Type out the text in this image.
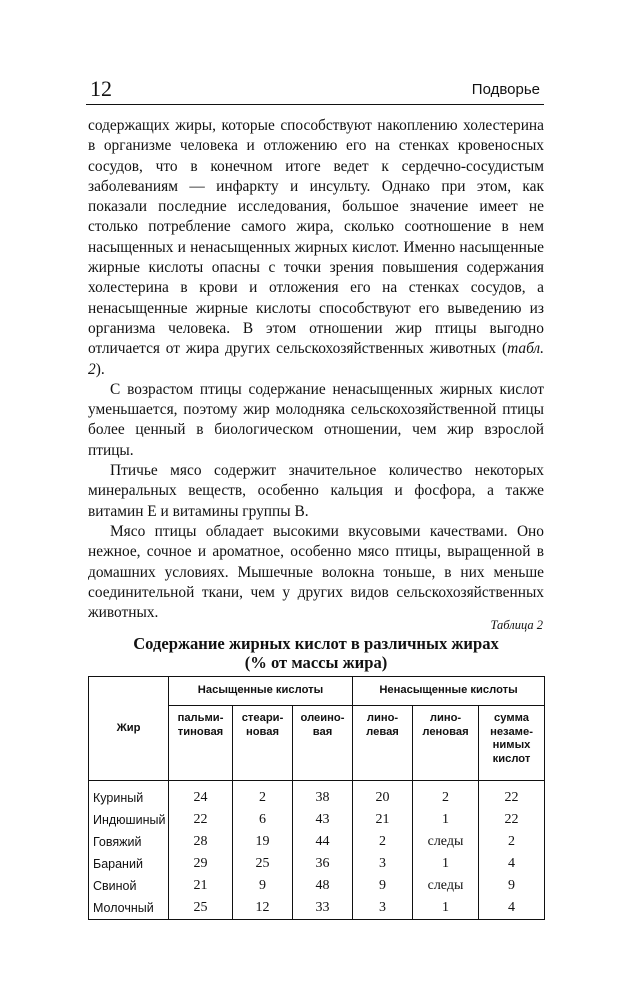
12	Подворье

содержащих жиры, которые способствуют накоплению холестерина в организме человека и отложению его на стенках кровеносных сосудов, что в конечном итоге ведет к сердечно-сосудистым заболеваниям — инфаркту и инсульту. Однако при этом, как показали последние исследования, большое значение имеет не столько потребление самого жира, сколько соотношение в нем насыщенных и ненасыщенных жирных кислот. Именно насыщенные жирные кислоты опасны с точки зрения повышения содержания холестерина в крови и отложения его на стенках сосудов, а ненасыщенные жирные кислоты способствуют его выведению из организма человека. В этом отношении жир птицы выгодно отличается от жира других сельскохозяйственных животных (табл. 2).

С возрастом птицы содержание ненасыщенных жирных кислот уменьшается, поэтому жир молодняка сельскохозяйственной птицы более ценный в биологическом отношении, чем жир взрослой птицы.

Птичье мясо содержит значительное количество некоторых минеральных веществ, особенно кальция и фосфора, а также витамин Е и витамины группы В.

Мясо птицы обладает высокими вкусовыми качествами. Оно нежное, сочное и ароматное, особенно мясо птицы, выращенной в домашних условиях. Мышечные волокна тоньше, в них меньше соединительной ткани, чем у других видов сельскохозяйственных животных.

Таблица 2
Содержание жирных кислот в различных жирах
(% от массы жира)
Жир	Насыщенные кислоты			Ненасыщенные кислоты		
	пальмитиновая	стеариновая	олеиновая	линолевая	линоленовая	сумма незаменимых кислот
Куриный	24	2	38	20	2	22
Индюшиный	22	6	43	21	1	22
Говяжий	28	19	44	2	следы	2
Бараний	29	25	36	3	1	4
Свиной	21	9	48	9	следы	9
Молочный	25	12	33	3	1	4
